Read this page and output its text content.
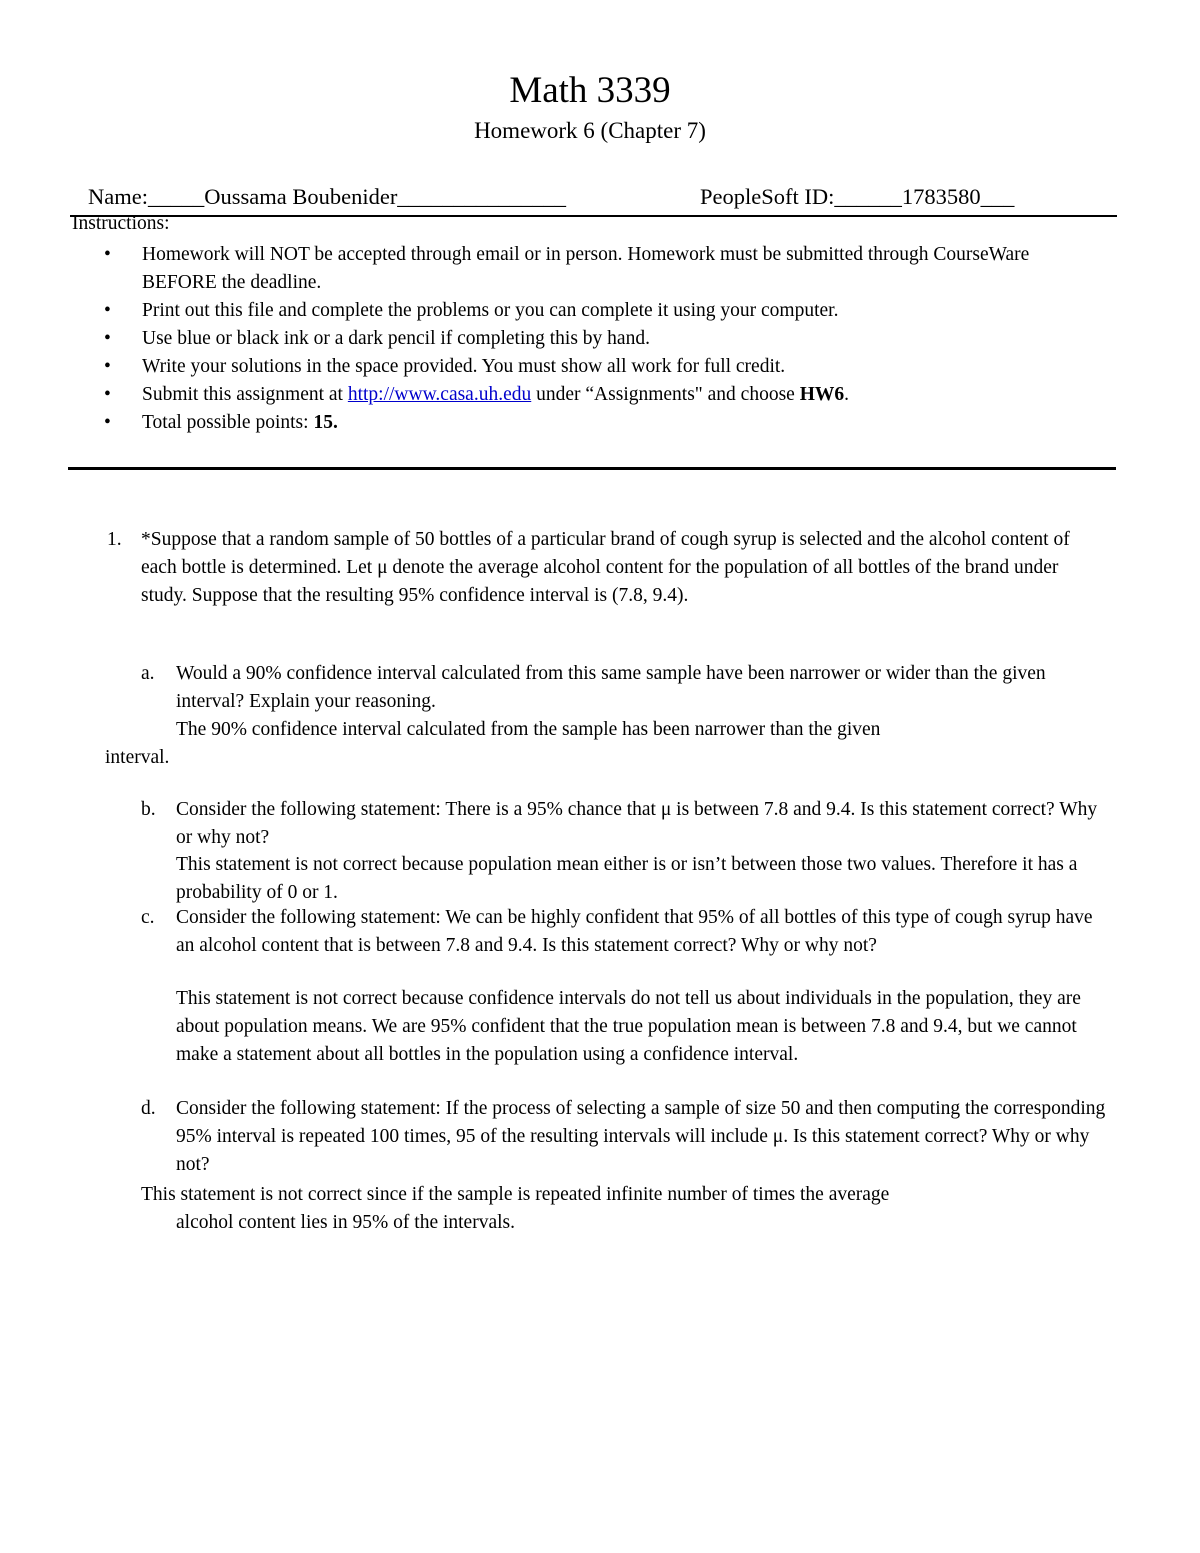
Math 3339
Homework 6 (Chapter 7)
Name:_____Oussama Boubenider_______________	PeopleSoft ID:______1783580___
Instructions:
• Homework will NOT be accepted through email or in person. Homework must be submitted through CourseWare BEFORE the deadline.
• Print out this file and complete the problems or you can complete it using your computer.
• Use blue or black ink or a dark pencil if completing this by hand.
• Write your solutions in the space provided. You must show all work for full credit.
• Submit this assignment at http://www.casa.uh.edu under “Assignments" and choose HW6.
• Total possible points: 15.
1. *Suppose that a random sample of 50 bottles of a particular brand of cough syrup is selected and the alcohol content of each bottle is determined. Let μ denote the average alcohol content for the population of all bottles of the brand under study. Suppose that the resulting 95% confidence interval is (7.8, 9.4).
a. Would a 90% confidence interval calculated from this same sample have been narrower or wider than the given interval? Explain your reasoning.
The 90% confidence interval calculated from the sample has been narrower than the given
interval.
b. Consider the following statement: There is a 95% chance that μ is between 7.8 and 9.4. Is this statement correct? Why or why not?
This statement is not correct because population mean either is or isn’t between those two values. Therefore it has a probability of 0 or 1.
c. Consider the following statement: We can be highly confident that 95% of all bottles of this type of cough syrup have an alcohol content that is between 7.8 and 9.4. Is this statement correct? Why or why not?
This statement is not correct because confidence intervals do not tell us about individuals in the population, they are about population means. We are 95% confident that the true population mean is between 7.8 and 9.4, but we cannot make a statement about all bottles in the population using a confidence interval.
d. Consider the following statement: If the process of selecting a sample of size 50 and then computing the corresponding 95% interval is repeated 100 times, 95 of the resulting intervals will include μ. Is this statement correct? Why or why not?
This statement is not correct since if the sample is repeated infinite number of times the average
alcohol content lies in 95% of the intervals.
